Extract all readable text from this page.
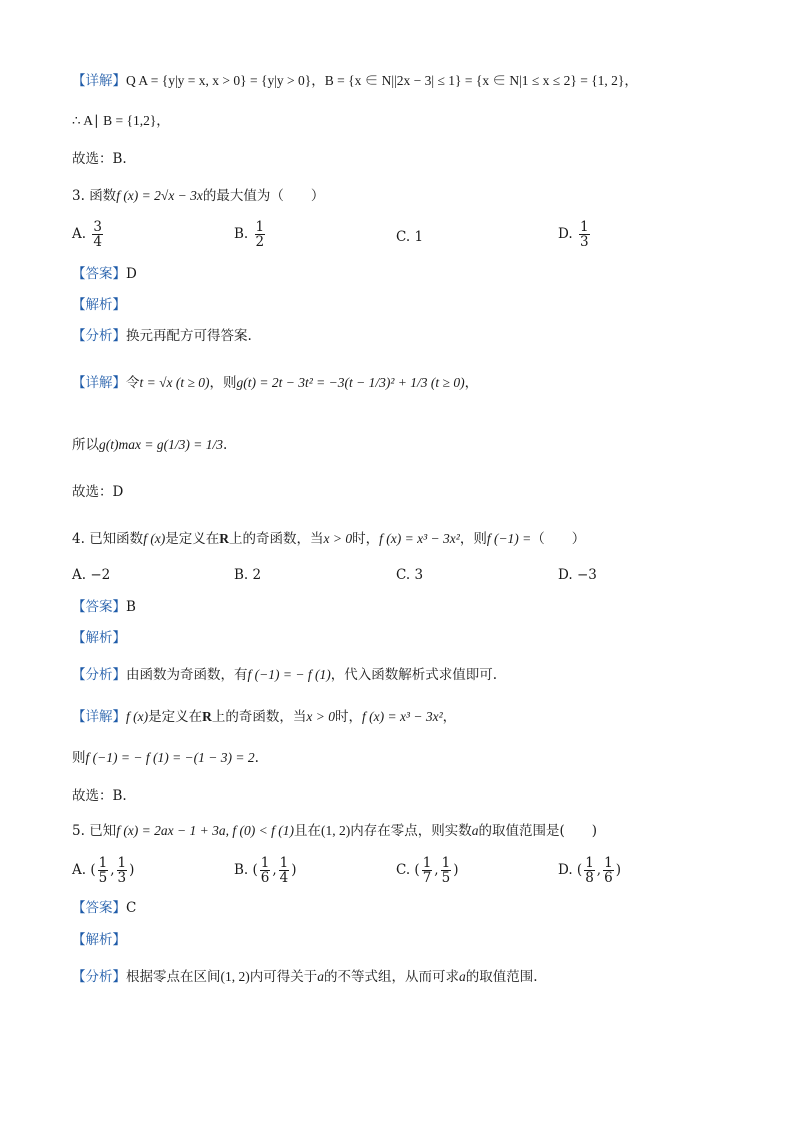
【详解】Q A = {y|y = x, x > 0} = {y|y > 0}，B = {x ∈ N||2x − 3| ≤ 1} = {x ∈ N|1 ≤ x ≤ 2} = {1, 2}，
∴ A∣ B = {1,2}，
故选：B.
3. 函数f (x) = 2√x − 3x的最大值为（　　）
A. $\frac{3}{4}$	B. $\frac{1}{2}$	C. 1	D. $\frac{1}{3}$
【答案】D
【解析】
【分析】换元再配方可得答案.
【详解】令t = √x (t ≥ 0)，则g(t) = 2t − 3t² = −3(t − 1/3)² + 1/3 (t ≥ 0)，
所以g(t)max = g(1/3) = 1/3.
故选：D
4. 已知函数f (x)是定义在R上的奇函数，当x > 0时，f (x) = x³ − 3x²，则f (−1) =（　　）
A. −2	B. 2	C. 3	D. −3
【答案】B
【解析】
【分析】由函数为奇函数，有f (−1) = − f (1)，代入函数解析式求值即可.
【详解】f (x)是定义在R上的奇函数，当x > 0时，f (x) = x³ − 3x²，
则f (−1) = − f (1) = −(1 − 3) = 2.
故选：B.
5. 已知f (x) = 2ax − 1 + 3a, f (0) < f (1)且在(1, 2)内存在零点，则实数a的取值范围是(　　)
A. ( $\frac{1}{5}$ , $\frac{1}{3}$ )	B. ( $\frac{1}{6}$ , $\frac{1}{4}$ )	C. ( $\frac{1}{7}$ , $\frac{1}{5}$ )	D. ( $\frac{1}{8}$ , $\frac{1}{6}$ )
【答案】C
【解析】
【分析】根据零点在区间(1, 2)内可得关于a的不等式组，从而可求a的取值范围.
